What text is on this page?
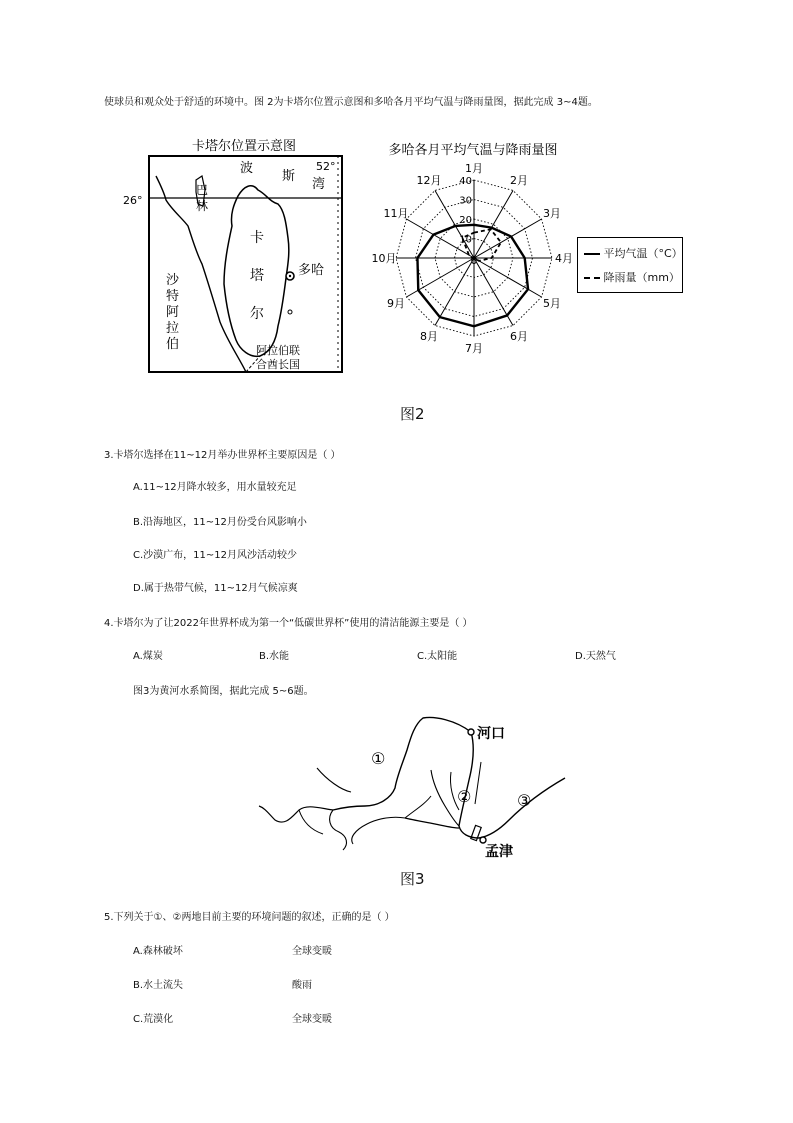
使球员和观众处于舒适的环境中。图 2为卡塔尔位置示意图和多哈各月平均气温与降雨量图，据此完成 3~4题。
卡塔尔位置示意图
26°
52°
波
斯
湾
巴
林
卡
塔
尔
多哈
沙
特
阿
拉
伯	阿拉伯联
合酋长国
多哈各月平均气温与降雨量图
10
20
30
40
1月
2月
3月
4月
5月
6月
7月
8月
9月
10月
11月
12月
0
平均气温（°C）
降雨量（mm）
图2
3.卡塔尔选择在11~12月举办世界杯主要原因是（ ）
A.11~12月降水较多，用水量较充足
B.沿海地区，11~12月份受台风影响小
C.沙漠广布，11~12月风沙活动较少
D.属于热带气候，11~12月气候凉爽
4.卡塔尔为了让2022年世界杯成为第一个“低碳世界杯”使用的清洁能源主要是（ ）
A.煤炭	B.水能	C.太阳能	D.天然气
图3为黄河水系简图，据此完成 5~6题。
河口
孟津
①
②	③
图3
5.下列关于①、②两地目前主要的环境问题的叙述，正确的是（ ）
A.森林破坏	全球变暖
B.水土流失	酸雨
C.荒漠化	全球变暖
